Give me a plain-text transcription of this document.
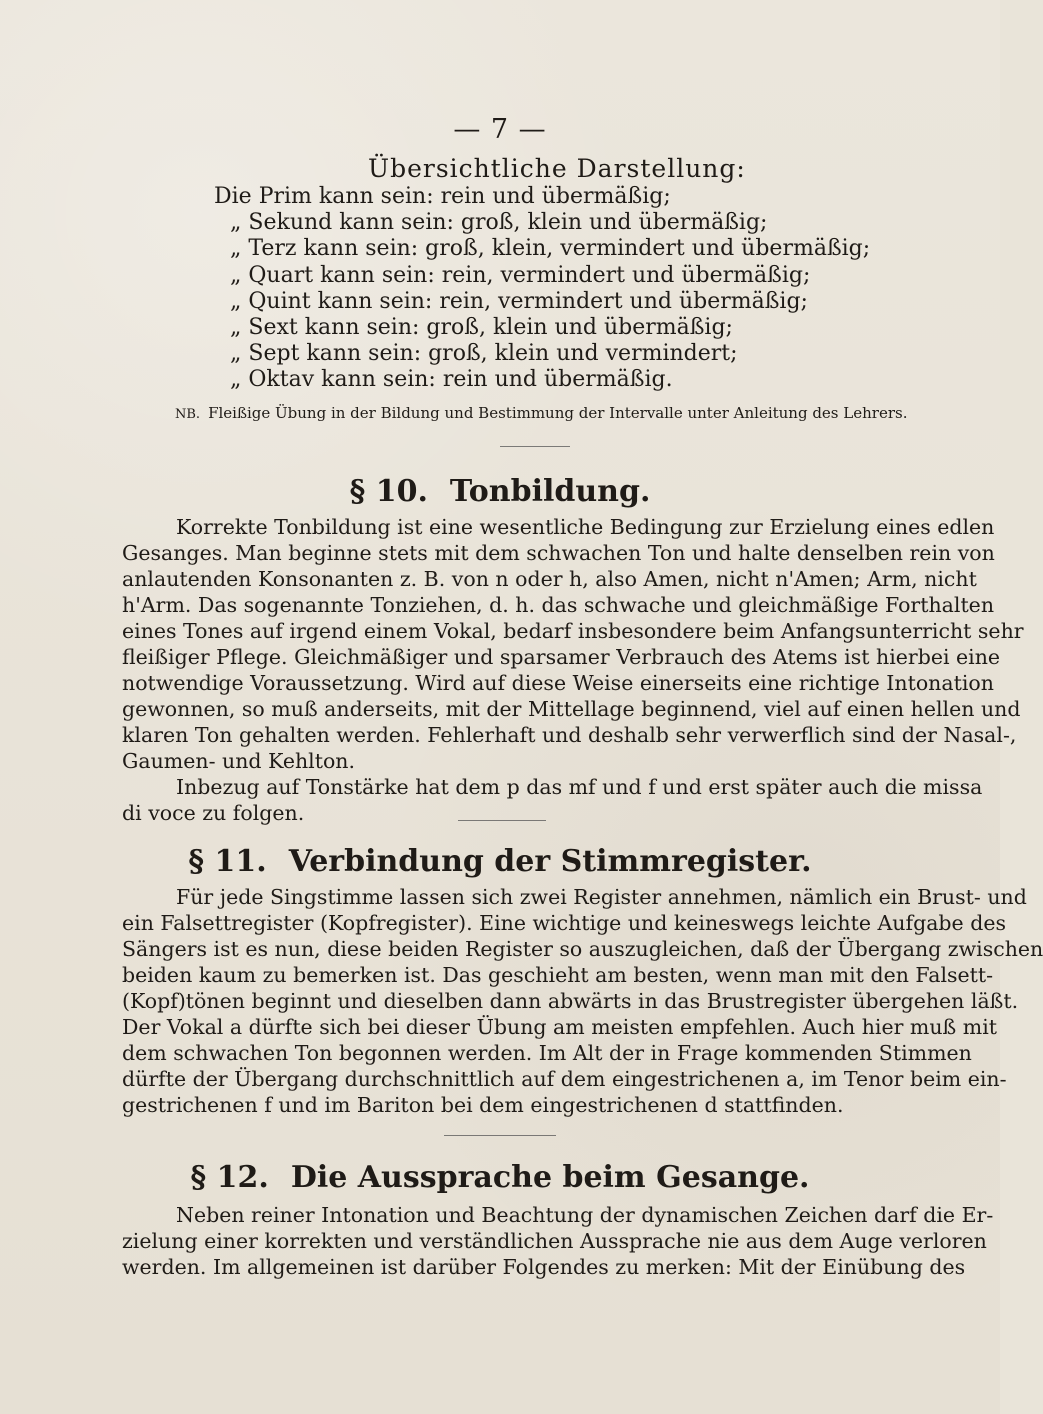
— 7 —
Übersichtliche Darstellung:
Die Prim kann sein: rein und übermäßig;
„ Sekund kann sein: groß, klein und übermäßig;
„ Terz kann sein: groß, klein, vermindert und übermäßig;
„ Quart kann sein: rein, vermindert und übermäßig;
„ Quint kann sein: rein, vermindert und übermäßig;
„ Sext kann sein: groß, klein und übermäßig;
„ Sept kann sein: groß, klein und vermindert;
„ Oktav kann sein: rein und übermäßig.
NB. Fleißige Übung in der Bildung und Bestimmung der Intervalle unter Anleitung des Lehrers.
§ 10. Tonbildung.
Korrekte Tonbildung ist eine wesentliche Bedingung zur Erzielung eines edlen
Gesanges. Man beginne stets mit dem schwachen Ton und halte denselben rein von
anlautenden Konsonanten z. B. von n oder h, also Amen, nicht n'Amen; Arm, nicht
h'Arm. Das sogenannte Tonziehen, d. h. das schwache und gleichmäßige Forthalten
eines Tones auf irgend einem Vokal, bedarf insbesondere beim Anfangsunterricht sehr
fleißiger Pflege. Gleichmäßiger und sparsamer Verbrauch des Atems ist hierbei eine
notwendige Voraussetzung. Wird auf diese Weise einerseits eine richtige Intonation
gewonnen, so muß anderseits, mit der Mittellage beginnend, viel auf einen hellen und
klaren Ton gehalten werden. Fehlerhaft und deshalb sehr verwerflich sind der Nasal-,
Gaumen- und Kehlton.
Inbezug auf Tonstärke hat dem p das mf und f und erst später auch die missa
di voce zu folgen.
§ 11. Verbindung der Stimmregister.
Für jede Singstimme lassen sich zwei Register annehmen, nämlich ein Brust- und
ein Falsettregister (Kopfregister). Eine wichtige und keineswegs leichte Aufgabe des
Sängers ist es nun, diese beiden Register so auszugleichen, daß der Übergang zwischen
beiden kaum zu bemerken ist. Das geschieht am besten, wenn man mit den Falsett-
(Kopf)tönen beginnt und dieselben dann abwärts in das Brustregister übergehen läßt.
Der Vokal a dürfte sich bei dieser Übung am meisten empfehlen. Auch hier muß mit
dem schwachen Ton begonnen werden. Im Alt der in Frage kommenden Stimmen
dürfte der Übergang durchschnittlich auf dem eingestrichenen a, im Tenor beim ein-
gestrichenen f und im Bariton bei dem eingestrichenen d stattfinden.
§ 12. Die Aussprache beim Gesange.
Neben reiner Intonation und Beachtung der dynamischen Zeichen darf die Er-
zielung einer korrekten und verständlichen Aussprache nie aus dem Auge verloren
werden. Im allgemeinen ist darüber Folgendes zu merken: Mit der Einübung des
